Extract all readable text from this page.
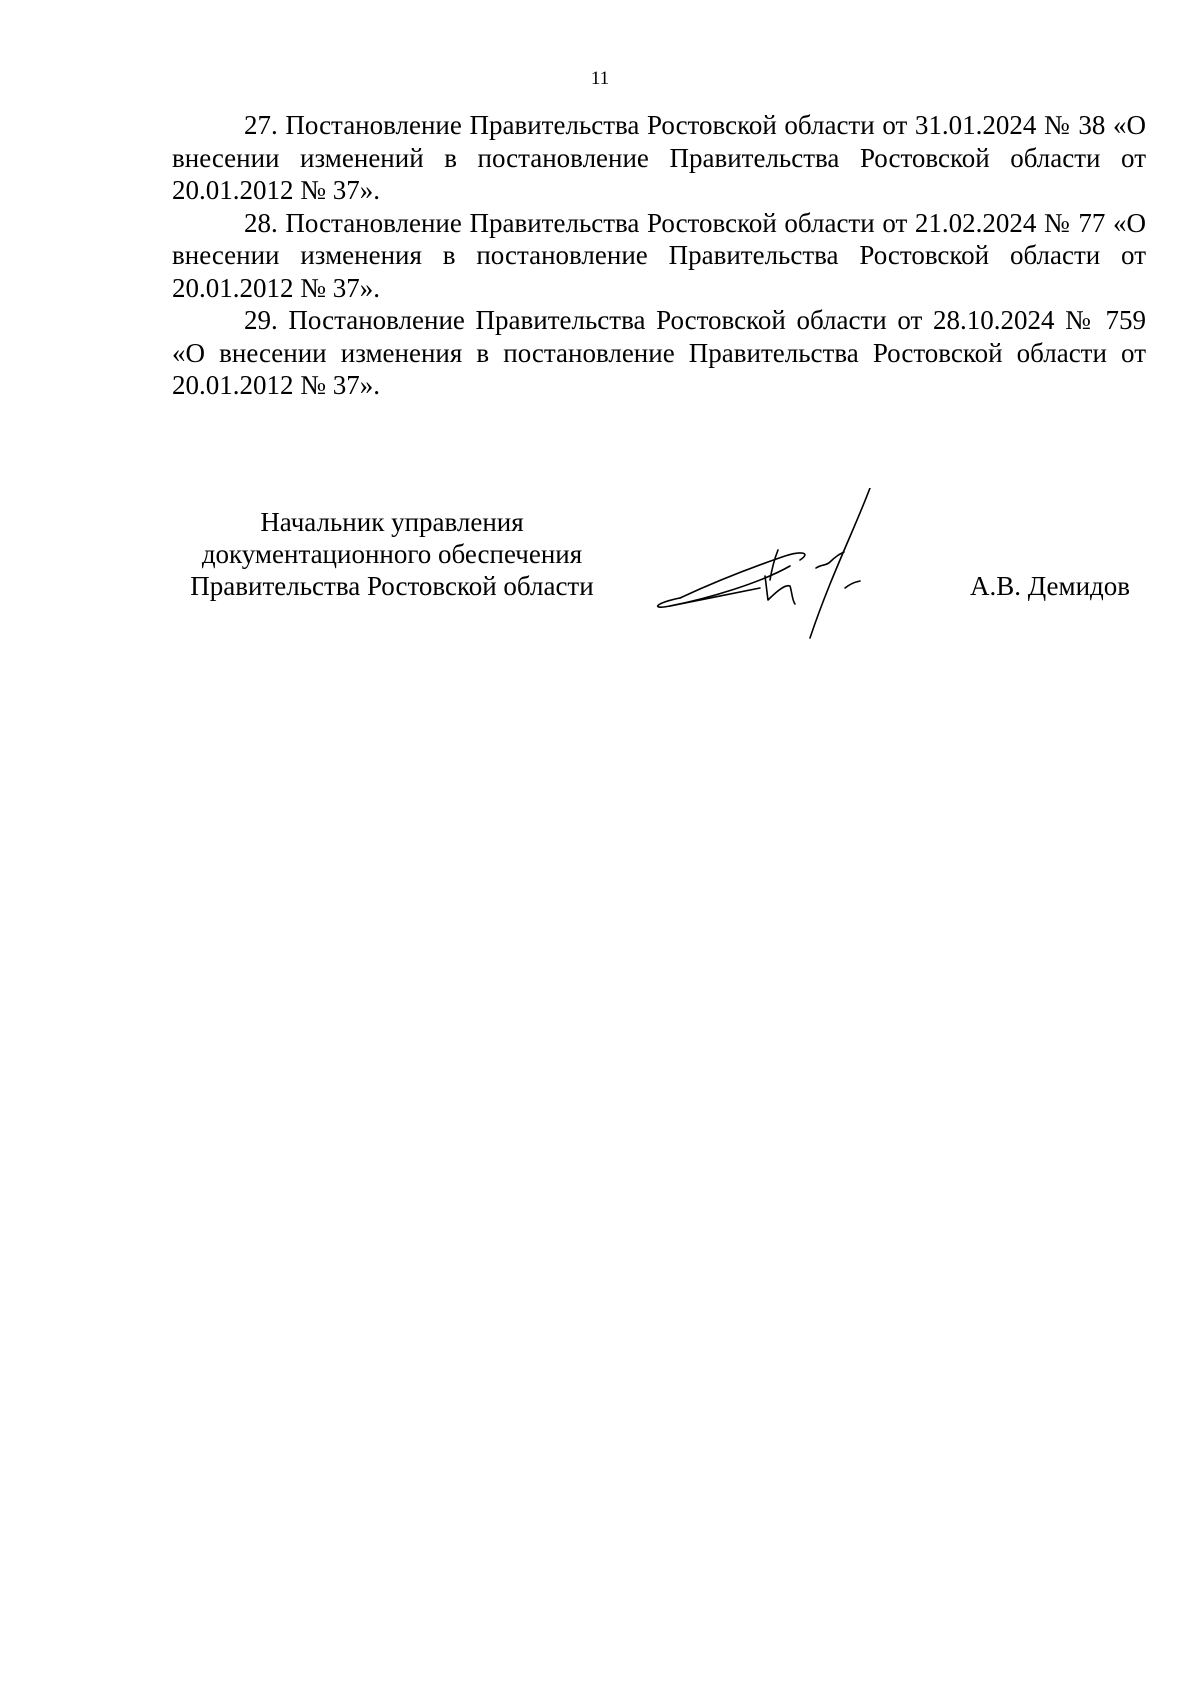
11

27. Постановление Правительства Ростовской области от 31.01.2024 № 38 «О внесении изменений в постановление Правительства Ростовской области от 20.01.2012 № 37».

28. Постановление Правительства Ростовской области от 21.02.2024 № 77 «О внесении изменения в постановление Правительства Ростовской области от 20.01.2012 № 37».

29. Постановление Правительства Ростовской области от 28.10.2024 № 759 «О внесении изменения в постановление Правительства Ростовской области от 20.01.2012 № 37».

Начальник управления
документационного обеспечения
Правительства Ростовской области	А.В. Демидов
